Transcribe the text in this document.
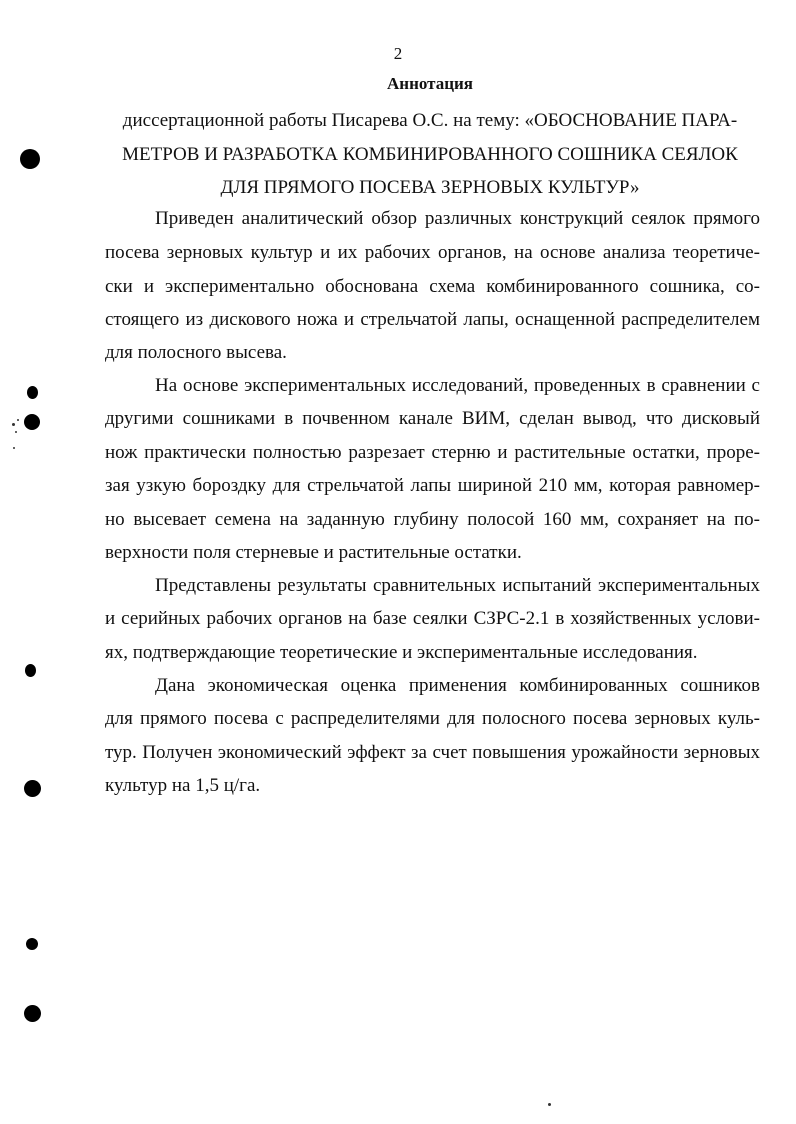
2
Аннотация
диссертационной работы Писарева О.С. на тему: «ОБОСНОВАНИЕ ПАРА-
МЕТРОВ И РАЗРАБОТКА КОМБИНИРОВАННОГО СОШНИКА СЕЯЛОК
ДЛЯ ПРЯМОГО ПОСЕВА ЗЕРНОВЫХ КУЛЬТУР»
Приведен аналитический обзор различных конструкций сеялок прямого
посева зерновых культур и их рабочих органов, на основе анализа теоретиче-
ски и экспериментально обоснована схема комбинированного сошника, со-
стоящего из дискового ножа и стрельчатой лапы, оснащенной распределителем
для полосного высева.
На основе экспериментальных исследований, проведенных в сравнении с
другими сошниками в почвенном канале ВИМ, сделан вывод, что дисковый
нож практически полностью разрезает стерню и растительные остатки, проре-
зая узкую бороздку для стрельчатой лапы шириной 210 мм, которая равномер-
но высевает семена на заданную глубину полосой 160 мм, сохраняет на по-
верхности поля стерневые и растительные остатки.
Представлены результаты сравнительных испытаний экспериментальных
и серийных рабочих органов на базе сеялки СЗРС-2.1 в хозяйственных услови-
ях, подтверждающие теоретические и экспериментальные исследования.
Дана экономическая оценка применения комбинированных сошников
для прямого посева с распределителями для полосного посева зерновых куль-
тур. Получен экономический эффект за счет повышения урожайности зерновых
культур на 1,5 ц/га.
